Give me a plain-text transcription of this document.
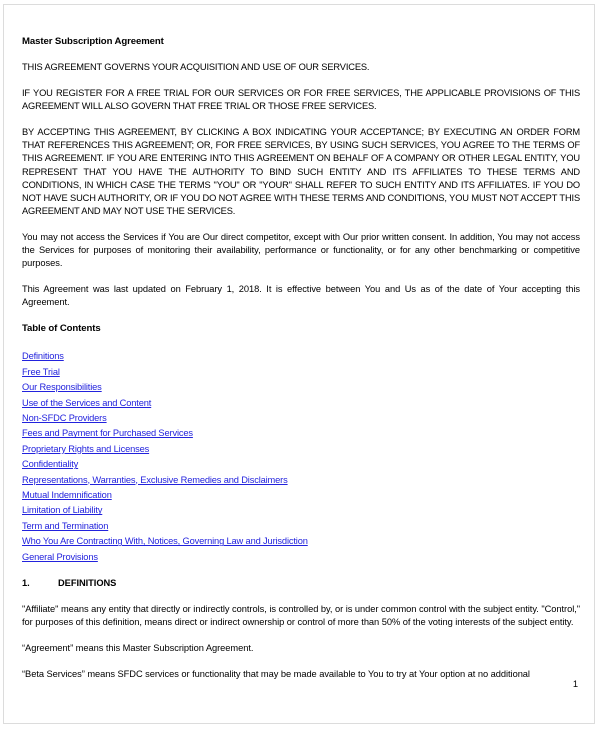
Master Subscription Agreement

THIS AGREEMENT GOVERNS YOUR ACQUISITION AND USE OF OUR SERVICES.

IF YOU REGISTER FOR A FREE TRIAL FOR OUR SERVICES OR FOR FREE SERVICES, THE APPLICABLE PROVISIONS OF THIS AGREEMENT WILL ALSO GOVERN THAT FREE TRIAL OR THOSE FREE SERVICES.

BY ACCEPTING THIS AGREEMENT, BY CLICKING A BOX INDICATING YOUR ACCEPTANCE; BY EXECUTING AN ORDER FORM THAT REFERENCES THIS AGREEMENT; OR, FOR FREE SERVICES, BY USING SUCH SERVICES, YOU AGREE TO THE TERMS OF THIS AGREEMENT. IF YOU ARE ENTERING INTO THIS AGREEMENT ON BEHALF OF A COMPANY OR OTHER LEGAL ENTITY, YOU REPRESENT THAT YOU HAVE THE AUTHORITY TO BIND SUCH ENTITY AND ITS AFFILIATES TO THESE TERMS AND CONDITIONS, IN WHICH CASE THE TERMS "YOU" OR "YOUR" SHALL REFER TO SUCH ENTITY AND ITS AFFILIATES. IF YOU DO NOT HAVE SUCH AUTHORITY, OR IF YOU DO NOT AGREE WITH THESE TERMS AND CONDITIONS, YOU MUST NOT ACCEPT THIS AGREEMENT AND MAY NOT USE THE SERVICES.

You may not access the Services if You are Our direct competitor, except with Our prior written consent. In addition, You may not access the Services for purposes of monitoring their availability, performance or functionality, or for any other benchmarking or competitive purposes.

This Agreement was last updated on February 1, 2018. It is effective between You and Us as of the date of Your accepting this Agreement.

Table of Contents
Definitions
Free Trial
Our Responsibilities
Use of the Services and Content
Non-SFDC Providers
Fees and Payment for Purchased Services
Proprietary Rights and Licenses
Confidentiality
Representations, Warranties, Exclusive Remedies and Disclaimers
Mutual Indemnification
Limitation of Liability
Term and Termination
Who You Are Contracting With, Notices, Governing Law and Jurisdiction
General Provisions
1.	DEFINITIONS

"Affiliate" means any entity that directly or indirectly controls, is controlled by, or is under common control with the subject entity. "Control," for purposes of this definition, means direct or indirect ownership or control of more than 50% of the voting interests of the subject entity.

“Agreement” means this Master Subscription Agreement.

“Beta Services” means SFDC services or functionality that may be made available to You to try at Your option at no additional

1
